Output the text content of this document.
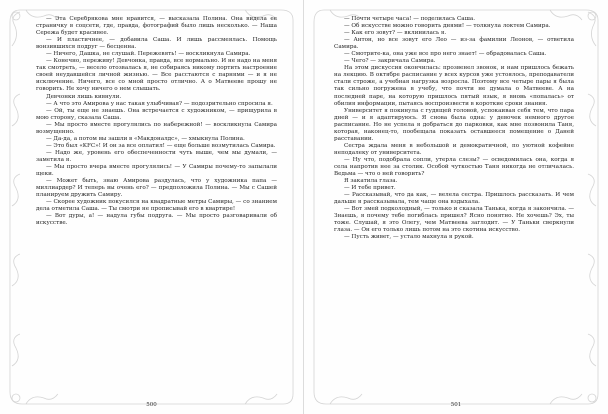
— Эта Серебрякова мне нравится, — высказала Полина. Она видела ее страничку в соцсети, где, правда, фотографий было лишь несколько. — Наша Сережа будет красивее.

— И пластичнее, — добавила Саша. И лишь рассмеялась. Помощь вонзившихся подруг — бесценна.

— Ничего, Дашка, не слушай. Пережевять! — воскликнула Самира.

— Конечно, переживу! Девчонка, правда, все нормально. И не надо на меня так смотреть, — весело отозвалась я, не собираясь никому портить настроение своей неудавшейся личной жизнью. — Все расстаются с парнями — и я не исключение. Ничего, все со мной просто отлично. А о Матвееве прошу не говорить. Не хочу ничего о нем слышать.

Девчонки лишь кивнули.

— А что это Амирова у нас такая улыбчивая? — подозрительно спросила я.

— Ой, ты еще не знаешь. Она встречается с художником, — прищурила в мою сторону, сказала Саша.

— Мы просто вместе прогулялись по набережной! — воскликнула Самира возмущенно.

— Да-да, а потом вы зашли в «Макдоналдс», — хмыкнула Полина.

— Это был «KFC»! И он за все оплатил! — еще больше возмутилась Самира.

— Надо же, уровень его обеспеченности чуть выше, чем мы думали, — заметила я.

— Мы просто вчера вместе прогулялись! — У Самиры почему-то запылали щеки.

— Может быть, знаю Амирова раздулась, что у художника папа — миллиардер? И теперь вы очень его? — предположила Полина. — Мы с Сашей планируем дружить Самиру.

— Скорее художник покусился на квадратные метры Самиры, — со знанием дела отметила Саша. — Ты смотри не прописывай его в квартире!

— Вот дуры, а! — надула губы подруга. — Мы просто разговаривали об искусстве.

500

— Почти четыре часа! — поделилась Саша.

— Об искусстве можно говорить днями! — толкнула локтем Самира.

— Как его зовут? — вклинилась я.

— Антон, но все зовут его Лео — из-за фамилии Леонов, — ответила Самира.

— Смотрите-ка, она уже все про него знает! — обрадовалась Саша.

— Чего? — закричала Самира.

На этом дискуссия окончилась: прозвенел звонок, и нам пришлось бежать на лекцию. В октябре расписание у всех курсов уже устоялось, преподаватели стали строже, а учебная нагрузка возросла. Поэтому все четыре пары я была так сильно погружена в учебу, что почти не думала о Матвееве. А на последней паре, на которую пришлось пятый язык, я вновь «попалась» от обилия информации, пытаясь воспроизвести в короткие сроки знания.

Университет я покинула с гудящей головой, успокаивая себя тем, что пара дней — и я адаптируюсь. Я снова была одна: у девочек немного другое расписание. Но не успела я добраться до парковки, как мне позвонила Таня, которая, наконец-то, пообещала показать оставшееся помещение о Даней расставании.

Сестра ждала меня в небольшой и демократичной, по уютной кофейне неподалеку от университета.

— Ну что, подобрала сопли, утерла слезы? — осведомилась она, когда я села напротив нее за столик. Особой чуткостью Таня никогда не отличалась. Ведьма — что о ней говорить?

Я закатила глаза.

— И тебе привет.

— Рассказывай, что да как, — велела сестра. Пришлось рассказать. И чем дальше я рассказывала, тем чаще она вздыхала.

— Вот змей подколодный, — только и сказала Танька, когда я закончила. — Знаешь, я почему тебе погиблась пришел? Ясно понятно. Не хочешь? Эх, ты тоже. Слушай, я это Олегу, чем Матвеева заглодит. — У Таньки сверкнули глаза. — Он его только лишь потом на это скотина искусство.

— Пусть живет, — устало махнула я рукой.

501
